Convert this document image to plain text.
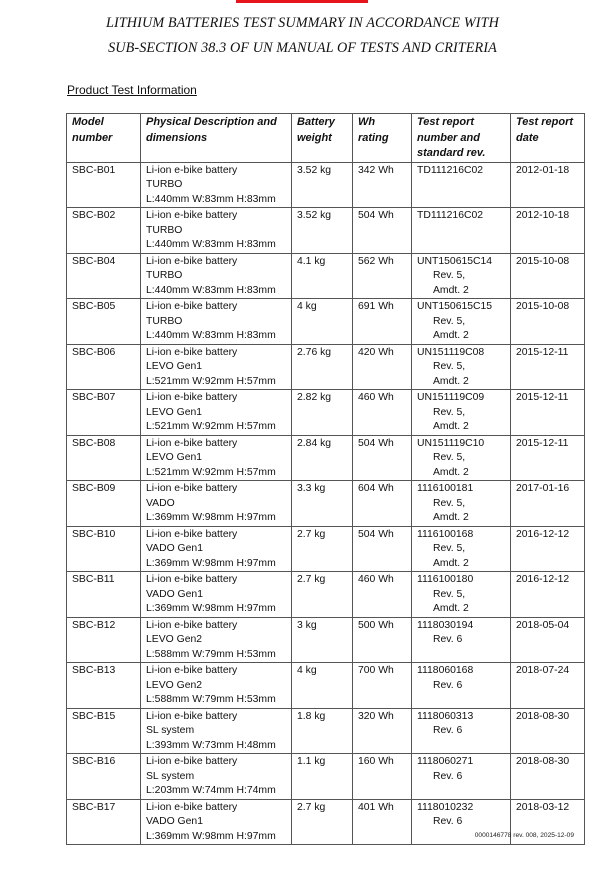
LITHIUM BATTERIES TEST SUMMARY IN ACCORDANCE WITH
SUB-SECTION 38.3 OF UN MANUAL OF TESTS AND CRITERIA
Product Test Information
Model number	Physical Description and dimensions	Battery weight	Wh rating	Test report number and standard rev.	Test report date
SBC-B01	Li-ion e-bike battery
TURBO
L:440mm W:83mm H:83mm	3.52 kg	342 Wh	TD111216C02	2012-01-18
SBC-B02	Li-ion e-bike battery
TURBO
L:440mm W:83mm H:83mm	3.52 kg	504 Wh	TD111216C02	2012-10-18
SBC-B04	Li-ion e-bike battery
TURBO
L:440mm W:83mm H:83mm	4.1 kg	562 Wh	UNT150615C14
Rev. 5,
Amdt. 2	2015-10-08
SBC-B05	Li-ion e-bike battery
TURBO
L:440mm W:83mm H:83mm	4 kg	691 Wh	UNT150615C15
Rev. 5,
Amdt. 2	2015-10-08
SBC-B06	Li-ion e-bike battery
LEVO Gen1
L:521mm W:92mm H:57mm	2.76 kg	420 Wh	UN151119C08
Rev. 5,
Amdt. 2	2015-12-11
SBC-B07	Li-ion e-bike battery
LEVO Gen1
L:521mm W:92mm H:57mm	2.82 kg	460 Wh	UN151119C09
Rev. 5,
Amdt. 2	2015-12-11
SBC-B08	Li-ion e-bike battery
LEVO Gen1
L:521mm W:92mm H:57mm	2.84 kg	504 Wh	UN151119C10
Rev. 5,
Amdt. 2	2015-12-11
SBC-B09	Li-ion e-bike battery
VADO
L:369mm W:98mm H:97mm	3.3 kg	604 Wh	1116100181
Rev. 5,
Amdt. 2	2017-01-16
SBC-B10	Li-ion e-bike battery
VADO Gen1
L:369mm W:98mm H:97mm	2.7 kg	504 Wh	1116100168
Rev. 5,
Amdt. 2	2016-12-12
SBC-B11	Li-ion e-bike battery
VADO Gen1
L:369mm W:98mm H:97mm	2.7 kg	460 Wh	1116100180
Rev. 5,
Amdt. 2	2016-12-12
SBC-B12	Li-ion e-bike battery
LEVO Gen2
L:588mm W:79mm H:53mm	3 kg	500 Wh	1118030194
Rev. 6	2018-05-04
SBC-B13	Li-ion e-bike battery
LEVO Gen2
L:588mm W:79mm H:53mm	4 kg	700 Wh	1118060168
Rev. 6	2018-07-24
SBC-B15	Li-ion e-bike battery
SL system
L:393mm W:73mm H:48mm	1.8 kg	320 Wh	1118060313
Rev. 6	2018-08-30
SBC-B16	Li-ion e-bike battery
SL system
L:203mm W:74mm H:74mm	1.1 kg	160 Wh	1118060271
Rev. 6	2018-08-30
SBC-B17	Li-ion e-bike battery
VADO Gen1
L:369mm W:98mm H:97mm	2.7 kg	401 Wh	1118010232
Rev. 6	2018-03-12
0000146778 rev. 008, 2025-12-09
